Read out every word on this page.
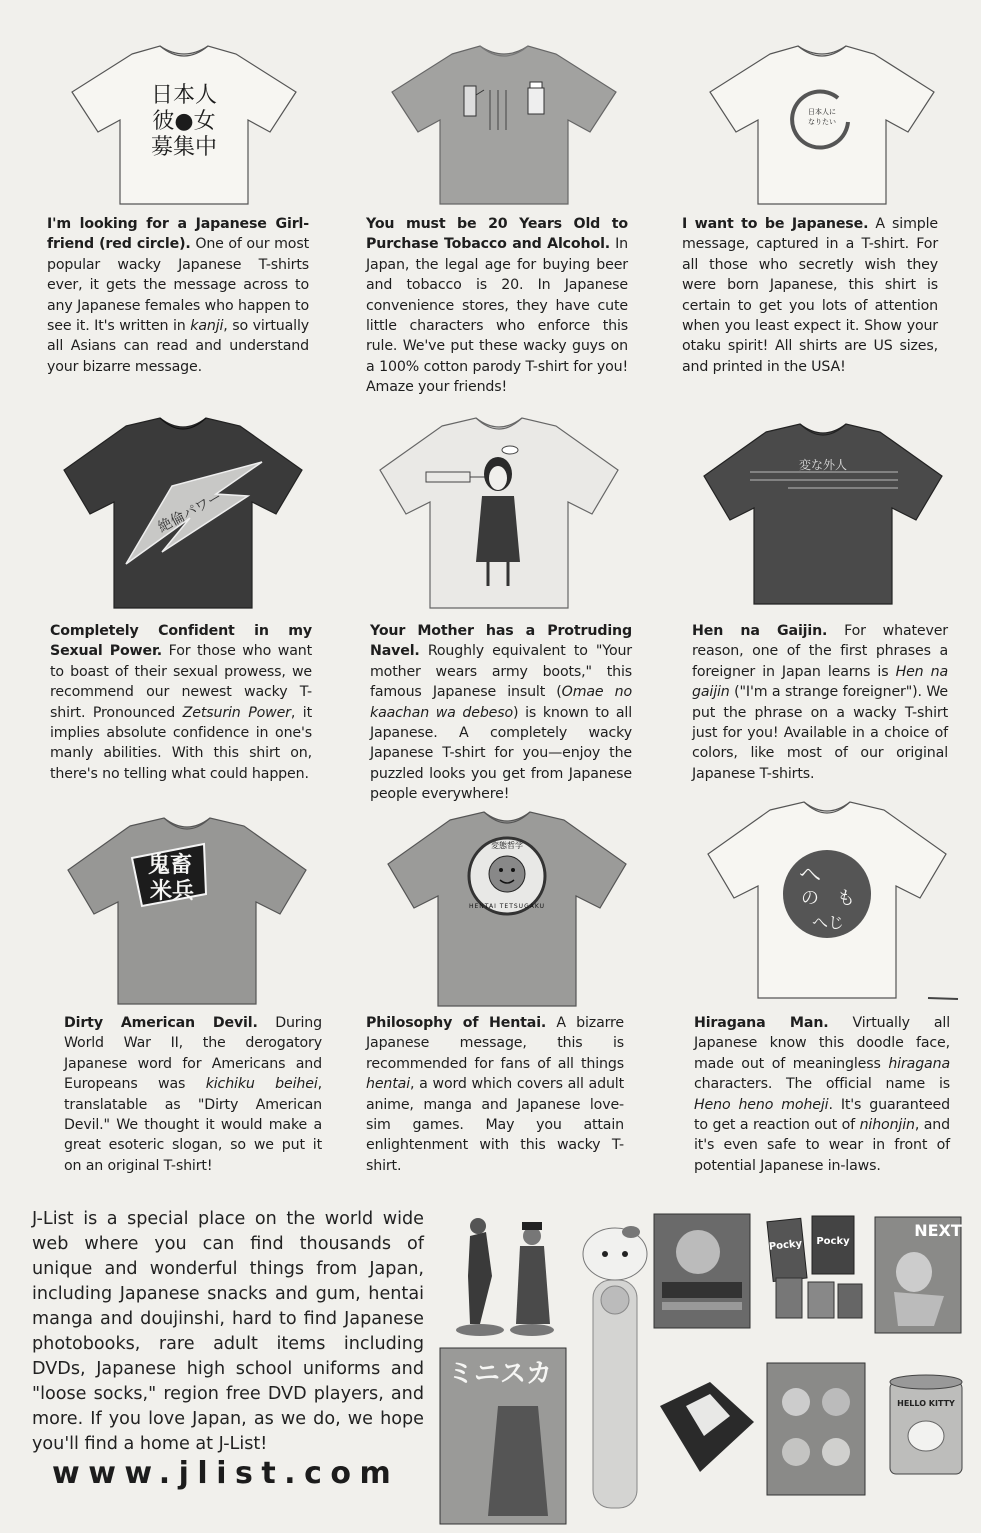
日本人
彼●女
募集中
日本人に
なりたい
I'm looking for a Japanese Girl-friend (red circle). One of our most popular wacky Japanese T-shirts ever, it gets the message across to any Japanese females who happen to see it. It's written in kanji, so virtually all Asians can read and understand your bizarre message.
You must be 20 Years Old to Purchase Tobacco and Alcohol. In Japan, the legal age for buying beer and tobacco is 20. In Japanese convenience stores, they have cute little characters who enforce this rule. We've put these wacky guys on a 100% cotton parody T-shirt for you! Amaze your friends!
I want to be Japanese. A simple message, captured in a T-shirt. For all those who secretly wish they were born Japanese, this shirt is certain to get you lots of attention when you least expect it. Show your otaku spirit! All shirts are US sizes, and printed in the USA!
絶倫パワー
変な外人
Completely Confident in my Sexual Power. For those who want to boast of their sexual prowess, we recommend our newest wacky T-shirt. Pronounced Zetsurin Power, it implies absolute confidence in one's manly abilities. With this shirt on, there's no telling what could happen.
Your Mother has a Protruding Navel. Roughly equivalent to "Your mother wears army boots," this famous Japanese insult (Omae no kaachan wa debeso) is known to all Japanese. A completely wacky Japanese T-shirt for you—enjoy the puzzled looks you get from Japanese people everywhere!
Hen na Gaijin. For whatever reason, one of the first phrases a foreigner in Japan learns is Hen na gaijin ("I'm a strange foreigner"). We put the phrase on a wacky T-shirt just for you! Available in a choice of colors, like most of our original Japanese T-shirts.
鬼畜
米兵
変態哲学
HENTAI TETSUGAKU
へ
の も
へじ
Dirty American Devil. During World War II, the derogatory Japanese word for Americans and Europeans was kichiku beihei, translatable as "Dirty American Devil." We thought it would make a great esoteric slogan, so we put it on an original T-shirt!
Philosophy of Hentai. A bizarre Japanese message, this is recommended for fans of all things hentai, a word which covers all adult anime, manga and Japanese love-sim games. May you attain enlightenment with this wacky T-shirt.
Hiragana Man. Virtually all Japanese know this doodle face, made out of meaningless hiragana characters. The official name is Heno heno moheji. It's guaranteed to get a reaction out of nihonjin, and it's even safe to wear in front of potential Japanese in-laws.
J-List is a special place on the world wide web where you can find thousands of unique and wonderful things from Japan, including Japanese snacks and gum, hentai manga and doujinshi, hard to find Japanese photobooks, rare adult items including DVDs, Japanese high school uniforms and "loose socks," region free DVD players, and more. If you love Japan, as we do, we hope you'll find a home at J-List!
www.jlist.com
Pocky Pocky
NEXT
ミニスカ
HELLO KITTY
